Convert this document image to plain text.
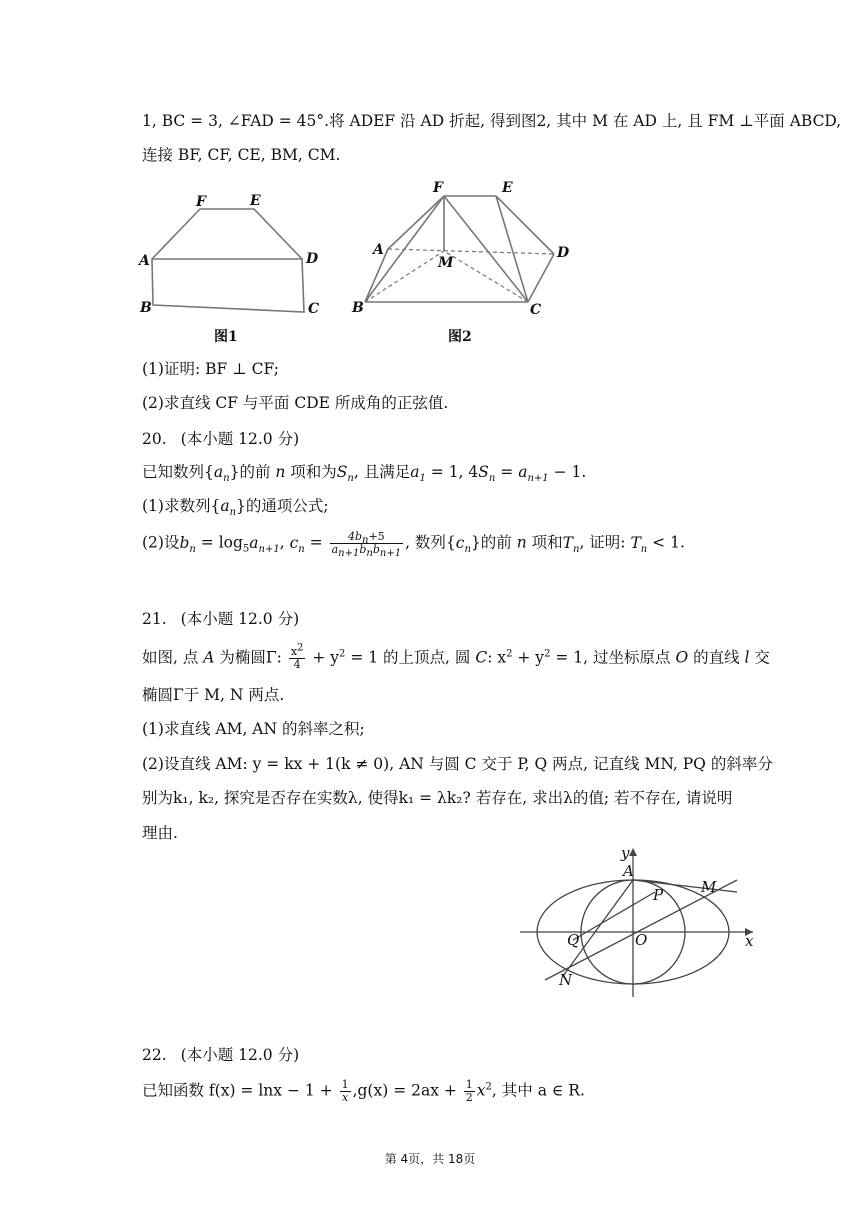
1, BC = 3, ∠FAD = 45°.将 ADEF 沿 AD 折起, 得到图2, 其中 M 在 AD 上, 且 FM ⊥平面 ABCD,
连接 BF, CF, CE, BM, CM.
F	E
A	D
B	C
图1
F	E
A
M
D
B	C
图2
(1)证明: BF ⊥ CF;
(2)求直线 CF 与平面 CDE 所成角的正弦值.
20. (本小题 12.0 分)
已知数列$\{a_n\}$的前 n 项和为$S_n$, 且满足$a_1 = 1$, $4S_n = a_{n+1} - 1$.
(1)求数列$\{a_n\}$的通项公式;
(2)设$b_n = \log_5a_{n+1}$, $c_n = \frac{4b_n+5}{a_{n+1}b_nb_{n+1}}$ , 数列$\{c_n\}$的前 n 项和$T_n$, 证明: $T_n < 1$.
21. (本小题 12.0 分)
如图, 点 A 为椭圆Γ: $\frac{x^2}{4} + y^2 = 1$ 的上顶点, 圆 C: $x^2 + y^2 = 1$, 过坐标原点 O 的直线 l 交
椭圆Γ于 M, N 两点.
(1)求直线 AM, AN 的斜率之积;
(2)设直线 AM: y = kx + 1(k ≠ 0), AN 与圆 C 交于 P, Q 两点, 记直线 MN, PQ 的斜率分
别为k₁, k₂, 探究是否存在实数λ, 使得k₁ = λk₂? 若存在, 求出λ的值; 若不存在, 请说明
理由.
y
x
A
P	M
Q	O
N
22. (本小题 12.0 分)
已知函数 $f(x) = \ln x - 1 + \frac{1}{x} ,g(x) = 2ax + \frac{1}{2} x^2$, 其中 a ∈ R.
第 4页，共 18页
